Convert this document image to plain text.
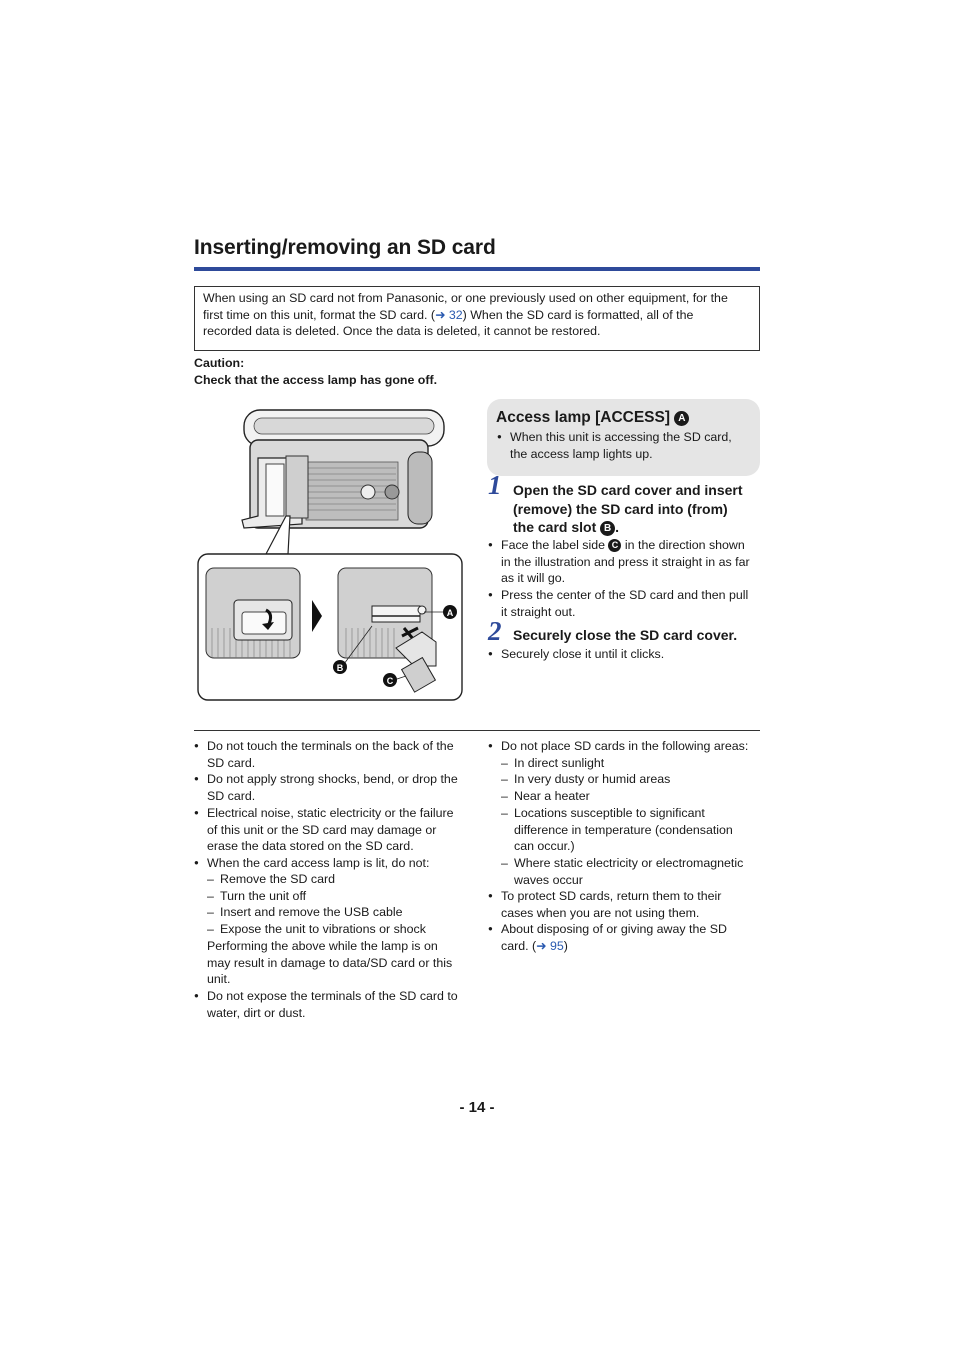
Inserting/removing an SD card
When using an SD card not from Panasonic, or one previously used on other equipment, for the
first time on this unit, format the SD card. (➜ 32) When the SD card is formatted, all of the
recorded data is deleted. Once the data is deleted, it cannot be restored.
Caution:
Check that the access lamp has gone off.
A
B
C
Access lamp [ACCESS] A
● When this unit is accessing the SD card,
the access lamp lights up.
1 Open the SD card cover and insert
(remove) the SD card into (from)
the card slot B .
● Face the label side C in the direction shown
in the illustration and press it straight in as far
as it will go.
● Press the center of the SD card and then pull
it straight out.
2 Securely close the SD card cover.
● Securely close it until it clicks.
● Do not touch the terminals on the back of the
SD card.
● Do not apply strong shocks, bend, or drop the
SD card.
● Electrical noise, static electricity or the failure
of this unit or the SD card may damage or
erase the data stored on the SD card.
● When the card access lamp is lit, do not:
– Remove the SD card
– Turn the unit off
– Insert and remove the USB cable
– Expose the unit to vibrations or shock
Performing the above while the lamp is on
may result in damage to data/SD card or this
unit.
● Do not expose the terminals of the SD card to
water, dirt or dust.
● Do not place SD cards in the following areas:
– In direct sunlight
– In very dusty or humid areas
– Near a heater
– Locations susceptible to significant
difference in temperature (condensation
can occur.)
– Where static electricity or electromagnetic
waves occur
● To protect SD cards, return them to their
cases when you are not using them.
● About disposing of or giving away the SD
card. (➜ 95)
- 14 -
